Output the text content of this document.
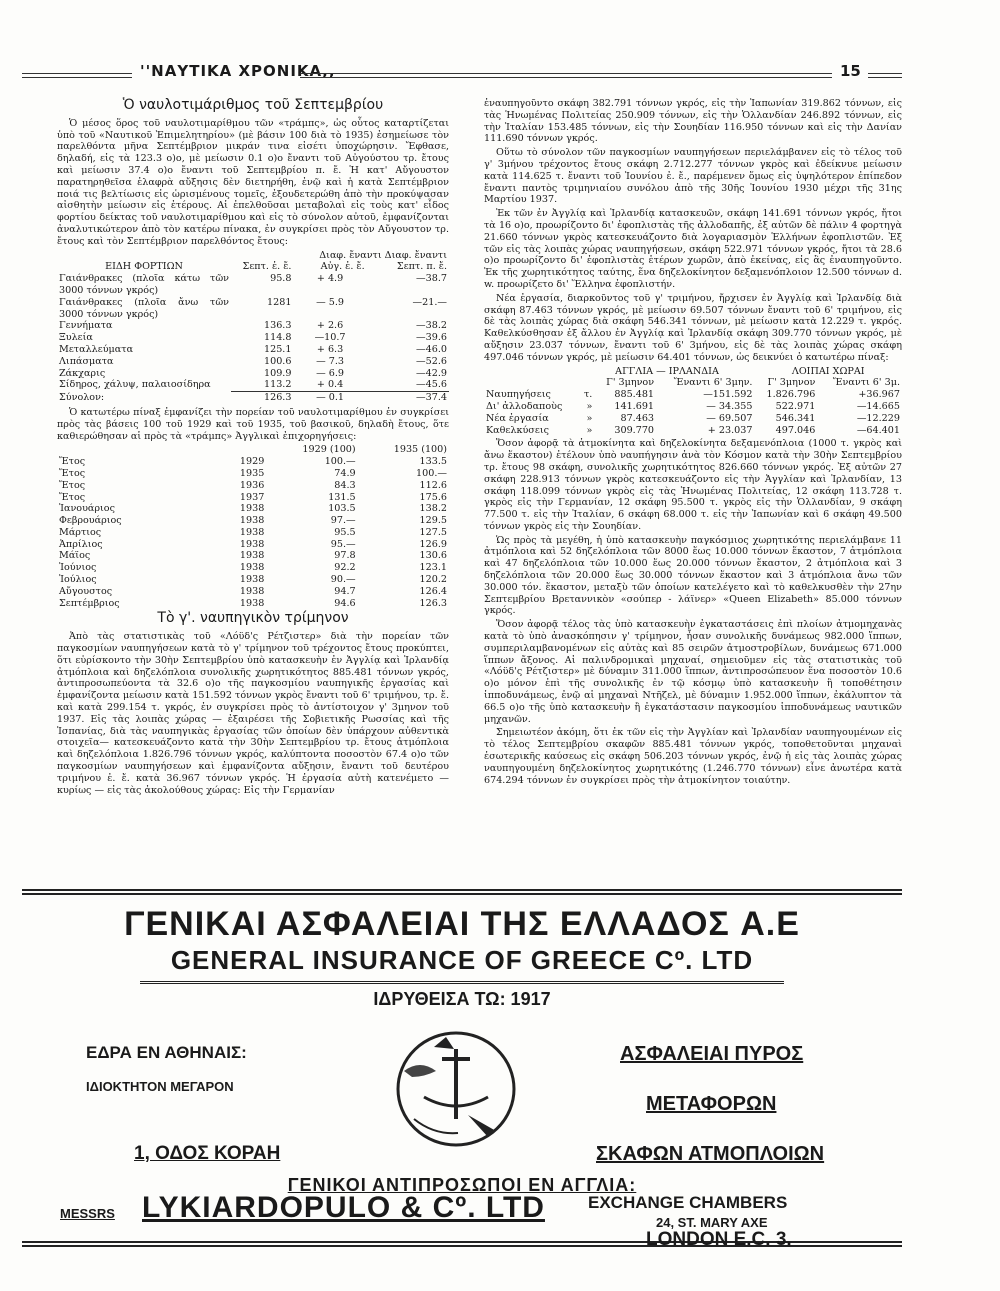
''ΝΑΥΤΙΚΑ ΧΡΟΝΙΚΑ,,	15
Ὁ ναυλοτιμάριθμος τοῦ Σεπτεμβρίου

Ὁ μέσος ὅρος τοῦ ναυλοτιμαρίθμου τῶν «τράμπς», ὡς οὗτος καταρτίζεται ὑπὸ τοῦ «Ναυτικοῦ Ἐπιμελητηρίου» (μὲ βάσιν 100 διὰ τὸ 1935) ἐσημείωσε τὸν παρελθόντα μῆνα Σεπτέμβριον μικράν τινα εἰσέτι ὑποχώρησιν. Ἔφθασε, δηλαδή, εἰς τὰ 123.3 ο)ο, μὲ μείωσιν 0.1 ο)ο ἔναντι τοῦ Αὐγούστου τρ. ἔτους καὶ μείωσιν 37.4 ο)ο ἔναντι τοῦ Σεπτεμβρίου π. ἔ. Ἡ κατ' Αὔγουστον παρατηρηθεῖσα ἐλαφρὰ αὔξησις δὲν διετηρήθη, ἐνῷ καὶ ἡ κατὰ Σεπτέμβριον ποιά τις βελτίωσις εἰς ὡρισμένους τομεῖς, ἐξουδετερώθη ἀπὸ τὴν προκύψασαν αἰσθητὴν μείωσιν εἰς ἑτέρους. Αἱ ἐπελθοῦσαι μεταβολαὶ εἰς τοὺς κατ' εἶδος φορτίου δείκτας τοῦ ναυλοτιμαρίθμου καὶ εἰς τὸ σύνολον αὐτοῦ, ἐμφανίζονται ἀναλυτικώτερον ἀπὸ τὸν κατέρω πίνακα, ἐν συγκρίσει πρὸς τὸν Αὔγουστον τρ. ἔτους καὶ τὸν Σεπτέμβριον παρελθόντος ἔτους:

		Διαφ. ἔναντι Διαφ. ἔναντι	
ΕΙΔΗ ΦΟΡΤΙΩΝ	Σεπτ. ἐ. ἔ.	Αὐγ. ἐ. ἔ.	Σεπτ. π. ἔ.
Γαιάνθρακες (πλοῖα κάτω τῶν 3000 τόννων γκρός)	95.8	+ 4.9	—38.7
Γαιάνθρακες (πλοῖα ἄνω τῶν 3000 τόννων γκρός)	1281	— 5.9	—21.—
Γεννήματα	136.3	+ 2.6	—38.2
Ξυλεία	114.8	—10.7	—39.6
Μεταλλεύματα	125.1	+ 6.3	—46.0
Λιπάσματα	100.6	— 7.3	—52.6
Ζάκχαρις	109.9	— 6.9	—42.9
Σίδηρος, χάλυψ, παλαιοσίδηρα	113.2	+ 0.4	—45.6
Σύνολον:	126.3	— 0.1	—37.4

Ὁ κατωτέρω πίναξ ἐμφανίζει τὴν πορείαν τοῦ ναυλοτιμαρίθμου ἐν συγκρίσει πρὸς τὰς βάσεις 100 τοῦ 1929 καὶ τοῦ 1935, τοῦ βασικοῦ, δηλαδὴ ἔτους, ὅτε καθιερώθησαν αἱ πρὸς τὰ «τράμπς» Ἀγγλικαὶ ἐπιχορηγήσεις:

		1929 (100)	1935 (100)
Ἔτος	1929	100.—	133.5
Ἔτος	1935	74.9	100.—
Ἔτος	1936	84.3	112.6
Ἔτος	1937	131.5	175.6
Ἰανουάριος	1938	103.5	138.2
Φεβρουάριος	1938	97.—	129.5
Μάρτιος	1938	95.5	127.5
Ἀπρίλιος	1938	95.—	126.9
Μάϊος	1938	97.8	130.6
Ἰούνιος	1938	92.2	123.1
Ἰούλιος	1938	90.—	120.2
Αὔγουστος	1938	94.7	126.4
Σεπτέμβριος	1938	94.6	126.3
Τὸ γ'. ναυπηγικὸν τρίμηνον

Ἀπὸ τὰς στατιστικὰς τοῦ «Λόϋδ'ς Ρέτζιστερ» διὰ τὴν πορείαν τῶν παγκοσμίων ναυπηγήσεων κατὰ τὸ γ' τρίμηνον τοῦ τρέχοντος ἔτους προκύπτει, ὅτι εὑρίσκοντο τὴν 30ὴν Σεπτεμβρίου ὑπὸ κατασκευὴν ἐν Ἀγγλίᾳ καὶ Ἰρλανδίᾳ ἀτμόπλοια καὶ δηζελόπλοια συνολικῆς χωρητικότητος 885.481 τόννων γκρός, ἀντιπροσωπεύοντα τὰ 32.6 ο)ο τῆς παγκοσμίου ναυπηγικῆς ἐργασίας καὶ ἐμφανίζοντα μείωσιν κατὰ 151.592 τόννων γκρὸς ἔναντι τοῦ 6' τριμήνου, τρ. ἔ. καὶ κατὰ 299.154 τ. γκρός, ἐν συγκρίσει πρὸς τὸ ἀντίστοιχον γ' 3μηνον τοῦ 1937. Εἰς τὰς λοιπὰς χώρας — ἐξαιρέσει τῆς Σοβιετικῆς Ρωσσίας καὶ τῆς Ἱσπανίας, διὰ τὰς ναυπηγικὰς ἐργασίας τῶν ὁποίων δὲν ὑπάρχουν αὐθεντικὰ στοιχεῖα— κατεσκευάζοντο κατὰ τὴν 30ὴν Σεπτεμβρίου τρ. ἔτους ἀτμόπλοια καὶ δηζελόπλοια 1.826.796 τόννων γκρός, καλύπτοντα ποσοστὸν 67.4 ο)ο τῶν παγκοσμίων ναυπηγήσεων καὶ ἐμφανίζοντα αὔξησιν, ἔναντι τοῦ δευτέρου τριμήνου ἐ. ἔ. κατὰ 36.967 τόννων γκρός. Ἡ ἐργασία αὐτὴ κατενέμετο — κυρίως — εἰς τὰς ἀκολούθους χώρας: Εἰς τὴν Γερμανίαν

ἐναυπηγοῦντο σκάφη 382.791 τόννων γκρός, εἰς τὴν Ἰαπωνίαν 319.862 τόννων, εἰς τὰς Ἡνωμένας Πολιτείας 250.909 τόννων, εἰς τὴν Ὁλλανδίαν 246.892 τόννων, εἰς τὴν Ἰταλίαν 153.485 τόννων, εἰς τὴν Σουηδίαν 116.950 τόννων καὶ εἰς τὴν Δανίαν 111.690 τόννων γκρός.

Οὕτω τὸ σύνολον τῶν παγκοσμίων ναυπηγήσεων περιελάμβανεν εἰς τὸ τέλος τοῦ γ' 3μήνου τρέχοντος ἔτους σκάφη 2.712.277 τόννων γκρὸς καὶ ἐδείκνυε μείωσιν κατὰ 114.625 τ. ἔναντι τοῦ Ἰουνίου ἐ. ἔ., παρέμενεν ὅμως εἰς ὑψηλότερον ἐπίπεδον ἔναντι παντὸς τριμηνιαίου συνόλου ἀπὸ τῆς 30ῆς Ἰουνίου 1930 μέχρι τῆς 31ης Μαρτίου 1937.

Ἐκ τῶν ἐν Ἀγγλίᾳ καὶ Ἰρλανδίᾳ κατασκευῶν, σκάφη 141.691 τόννων γκρός, ἤτοι τὰ 16 ο)ο, προωρίζοντο δι' ἐφοπλιστὰς τῆς ἀλλοδαπῆς, ἐξ αὐτῶν δὲ πάλιν 4 φορτηγὰ 21.660 τόννων γκρὸς κατεσκευάζοντο διὰ λογαριασμὸν Ἑλλήνων ἐφοπλιστῶν. Ἐξ τῶν εἰς τὰς λοιπὰς χώρας ναυπηγήσεων, σκάφη 522.971 τόννων γκρός, ἤτοι τὰ 28.6 ο)ο προωρίζοντο δι' ἐφοπλιστὰς ἑτέρων χωρῶν, ἀπὸ ἐκείνας, εἰς ἃς ἐναυπηγοῦντο. Ἐκ τῆς χωρητικότητος ταύτης, ἕνα δηζελοκίνητον δεξαμενόπλοιον 12.500 τόννων d. w. προωρίζετο δι' Ἕλληνα ἐφοπλιστήν.

Νέα ἐργασία, διαρκοῦντος τοῦ γ' τριμήνου, ἤρχισεν ἐν Ἀγγλίᾳ καὶ Ἰρλανδίᾳ διὰ σκάφη 87.463 τόννων γκρός, μὲ μείωσιν 69.507 τόννων ἔναντι τοῦ 6' τριμήνου, εἰς δὲ τὰς λοιπὰς χώρας διὰ σκάφη 546.341 τόννων, μὲ μείωσιν κατὰ 12.229 τ. γκρός. Καθελκύσθησαν ἐξ ἄλλου ἐν Ἀγγλίᾳ καὶ Ἰρλανδίᾳ σκάφη 309.770 τόννων γκρός, μὲ αὔξησιν 23.037 τόννων, ἔναντι τοῦ 6' 3μήνου, εἰς δὲ τὰς λοιπὰς χώρας σκάφη 497.046 τόννων γκρός, μὲ μείωσιν 64.401 τόννων, ὡς δεικνύει ὁ κατωτέρω πίναξ:

	ΑΓΓΛΙΑ — ΙΡΛΑΝΔΙΑ			ΛΟΙΠΑΙ ΧΩΡΑΙ	
		Γ' 3μηνον	Ἔναντι 6' 3μην.	Γ' 3μηνον	Ἔναντι 6' 3μ.
Ναυπηγήσεις	τ.	885.481	—151.592	1.826.796	+36.967
Δι' ἀλλοδαποὺς	»	141.691	— 34.355	522.971	—14.665
Νέα ἐργασία	»	87.463	— 69.507	546.341	—12.229
Καθελκύσεις	»	309.770	+ 23.037	497.046	—64.401

Ὅσον ἀφορᾷ τὰ ἀτμοκίνητα καὶ δηζελοκίνητα δεξαμενόπλοια (1000 τ. γκρὸς καὶ ἄνω ἕκαστον) ἐτέλουν ὑπὸ ναυπήγησιν ἀνὰ τὸν Κόσμον κατὰ τὴν 30ὴν Σεπτεμβρίου τρ. ἔτους 98 σκάφη, συνολικῆς χωρητικότητος 826.660 τόννων γκρός. Ἐξ αὐτῶν 27 σκάφη 228.913 τόννων γκρὸς κατεσκευάζοντο εἰς τὴν Ἀγγλίαν καὶ Ἰρλανδίαν, 13 σκάφη 118.099 τόννων γκρὸς εἰς τὰς Ἡνωμένας Πολιτείας, 12 σκάφη 113.728 τ. γκρὸς εἰς τὴν Γερμανίαν, 12 σκάφη 95.500 τ. γκρὸς εἰς τὴν Ὁλλανδίαν, 9 σκάφη 77.500 τ. εἰς τὴν Ἰταλίαν, 6 σκάφη 68.000 τ. εἰς τὴν Ἰαπωνίαν καὶ 6 σκάφη 49.500 τόννων γκρὸς εἰς τὴν Σουηδίαν.

Ὡς πρὸς τὰ μεγέθη, ἡ ὑπὸ κατασκευὴν παγκόσμιος χωρητικότης περιελάμβανε 11 ἀτμόπλοια καὶ 52 δηζελόπλοια τῶν 8000 ἕως 10.000 τόννων ἕκαστον, 7 ἀτμόπλοια καὶ 47 δηζελόπλοια τῶν 10.000 ἕως 20.000 τόννων ἕκαστον, 2 ἀτμόπλοια καὶ 3 δηζελόπλοια τῶν 20.000 ἕως 30.000 τόννων ἕκαστον καὶ 3 ἀτμόπλοια ἄνω τῶν 30.000 τόν. ἕκαστον, μεταξὺ τῶν ὁποίων κατελέγετο καὶ τὸ καθελκυσθὲν τὴν 27ην Σεπτεμβρίου Βρεταννικὸν «σούπερ - λάϊνερ» «Queen Elizabeth» 85.000 τόννων γκρός.

Ὅσον ἀφορᾷ τέλος τὰς ὑπὸ κατασκευὴν ἐγκαταστάσεις ἐπὶ πλοίων ἀτμομηχανὰς κατὰ τὸ ὑπὸ ἀνασκόπησιν γ' τρίμηνον, ἦσαν συνολικῆς δυνάμεως 982.000 ἵππων, συμπεριλαμβανομένων εἰς αὐτὰς καὶ 85 σειρῶν ἀτμοστροβίλων, δυνάμεως 671.000 ἵππων ἄξονος. Αἱ παλινδρομικαὶ μηχαναί, σημειοῦμεν εἰς τὰς στατιστικὰς τοῦ «Λόϋδ'ς Ρέτζιστερ» μὲ δύναμιν 311.000 ἵππων, ἀντιπροσώπευον ἕνα ποσοστὸν 10.6 ο)ο μόνον ἐπὶ τῆς συνολικῆς ἐν τῷ κόσμῳ ὑπὸ κατασκευὴν ἢ τοποθέτησιν ἱπποδυνάμεως, ἐνῷ αἱ μηχαναὶ Ντῆζελ, μὲ δύναμιν 1.952.000 ἵππων, ἐκάλυπτον τὰ 66.5 ο)ο τῆς ὑπὸ κατασκευὴν ἢ ἐγκατάστασιν παγκοσμίου ἱπποδυνάμεως ναυτικῶν μηχανῶν.

Σημειωτέον ἀκόμη, ὅτι ἐκ τῶν εἰς τὴν Ἀγγλίαν καὶ Ἰρλανδίαν ναυπηγουμένων εἰς τὸ τέλος Σεπτεμβρίου σκαφῶν 885.481 τόννων γκρός, τοποθετοῦνται μηχαναὶ ἐσωτερικῆς καύσεως εἰς σκάφη 506.203 τόννων γκρός, ἐνῷ ἡ εἰς τὰς λοιπὰς χώρας ναυπηγουμένη δηζελοκίνητος χωρητικότης (1.246.770 τόννων) εἶνε ἀνωτέρα κατὰ 674.294 τόννων ἐν συγκρίσει πρὸς τὴν ἀτμοκίνητον τοιαύτην.

ΓΕΝΙΚΑΙ ΑΣΦΑΛΕΙΑΙ ΤΗΣ ΕΛΛΑΔΟΣ A.E
GENERAL INSURANCE OF GREECE Cº. LTD
ΙΔΡΥΘΕΙΣΑ ΤΩ: 1917
ΕΔΡΑ ΕΝ ΑΘΗΝΑΙΣ:
ΙΔΙΟΚΤΗΤΟΝ ΜΕΓΑΡΟΝ
1, ΟΔΟΣ ΚΟΡΑΗ
ΑΣΦΑΛΕΙΑΙ ΠΥΡΟΣ
ΜΕΤΑΦΟΡΩΝ
ΣΚΑΦΩΝ ΑΤΜΟΠΛΟΙΩΝ
ΓΕΝΙΚΟΙ ΑΝΤΙΠΡΟΣΩΠΟΙ ΕΝ ΑΓΓΛΙΑ:
MESSRS LYKIARDOPULO & Cº. LTD	EXCHANGE CHAMBERS
24, ST. MARY AXE
LONDON E.C. 3.
